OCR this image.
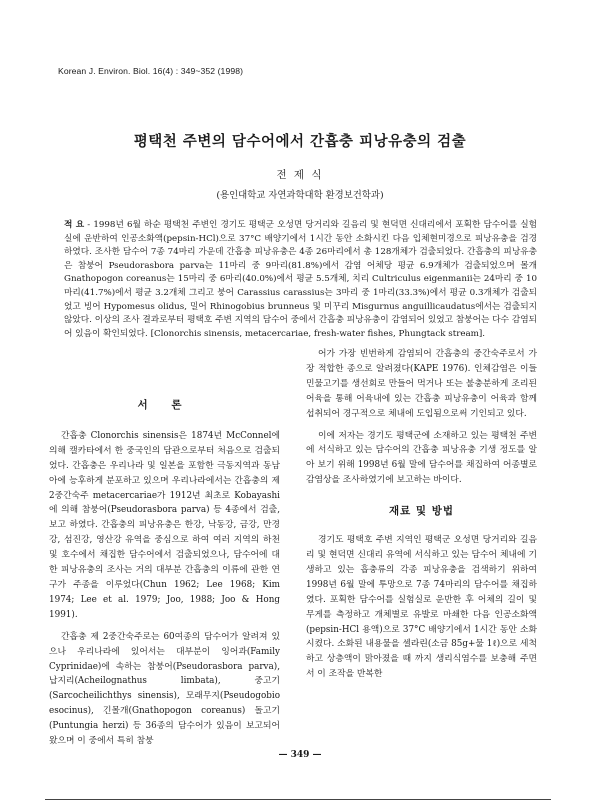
Korean J. Environ. Biol. 16(4) : 349~352 (1998)
평택천 주변의 담수어에서 간흡충 피낭유충의 검출
전 제 식
(용인대학교 자연과학대학 환경보건학과)
적 요 - 1998년 6월 하순 평택천 주변인 경기도 평택군 오성면 당거리와 길음리 및 현덕면 신대리에서 포획한 담수어를 실험실에 운반하여 인공소화액(pepsin-HCl)으로 37°C 배양기에서 1시간 동안 소화시킨 다음 입체현미경으로 피낭유충을 검경하였다. 조사한 담수어 7종 74마리 가운데 간흡충 피낭유충은 4종 26마리에서 총 128개체가 검출되었다. 간흡충의 피낭유충은 참붕어 Pseudorasbora parva는 11마리 중 9마리(81.8%)에서 감염 어체당 평균 6.9개체가 검출되었으며 몰개 Gnathopogon coreanus는 15마리 중 6마리(40.0%)에서 평균 5.5개체, 치리 Cultriculus eigenmanii는 24마리 중 10마리(41.7%)에서 평균 3.2개체 그리고 붕어 Carassius carassius는 3마리 중 1마리(33.3%)에서 평균 0.3개체가 검출되었고 빙어 Hypomesus olidus, 밀어 Rhinogobius brunneus 및 미꾸리 Misgurnus anguillicaudatus에서는 검출되지 않았다. 이상의 조사 결과로부터 평택호 주변 지역의 담수어 중에서 간흡충 피낭유충이 감염되어 있었고 참붕어는 다수 감염되어 있음이 확인되었다. [Clonorchis sinensis, metacercariae, fresh-water fishes, Phungtack stream].
서 론

간흡충 Clonorchis sinensis은 1874년 McConnel에 의해 캘카타에서 한 중국인의 담관으로부터 처음으로 검출되었다. 간흡충은 우리나라 및 일본을 포함한 극동지역과 동남아에 능후하게 분포하고 있으며 우리나라에서는 간흡충의 제2중간숙주 metacercariae가 1912년 최초로 Kobayashi에 의해 참붕어(Pseudorasbora parva) 등 4종에서 검출, 보고 하였다. 간흡충의 피낭유충은 한강, 낙동강, 금강, 만경강, 섬진강, 영산강 유역을 중심으로 하여 여러 지역의 하천 및 호수에서 채집한 담수어에서 검출되었으나, 담수어에 대한 피낭유충의 조사는 거의 대부분 간흡충의 이류에 관한 연구가 주종을 이루었다(Chun 1962; Lee 1968; Kim 1974; Lee et al. 1979; Joo, 1988; Joo & Hong 1991).

간흡충 제 2중간숙주로는 60여종의 담수어가 알려져 있으나 우리나라에 있어서는 대부분이 잉어과(Family Cyprinidae)에 속하는 참붕어(Pseudorasbora parva), 납지리(Acheilognathus limbata), 중고기(Sarcocheilichthys sinensis), 모래무지(Pseudogobio esocinus), 긴몰개(Gnathopogon coreanus) 돌고기(Puntungia herzi) 등 36종의 담수어가 있음이 보고되어 왔으며 이 중에서 특히 참붕

어가 가장 빈번하게 감염되어 간흡충의 중간숙주로서 가장 적합한 종으로 알려졌다(KAPE 1976). 인체감염은 이들 민물고기를 생선회로 만들어 먹거나 또는 불충분하게 조리된 어육을 통해 어육내에 있는 간흡충 피낭유충이 어육과 함께 섭취되어 경구적으로 체내에 도입됨으로써 기인되고 있다.

이에 저자는 경기도 평택군에 소재하고 있는 평택천 주변에 서식하고 있는 담수어의 간흡충 피낭유충 기생 정도를 알아 보기 위해 1998년 6월 말에 담수어를 채집하여 어종별로 감염상을 조사하였기에 보고하는 바이다.

재료 및 방법

경기도 평택호 주변 지역인 평택군 오성면 당거리와 길음리 및 현덕면 신대리 유역에 서식하고 있는 담수어 체내에 기생하고 있는 흡충류의 각종 피낭유충을 검색하기 위하여 1998년 6월 말에 투망으로 7종 74마리의 담수어를 채집하였다. 포획한 담수어를 실험실로 운반한 후 어체의 길이 및 무게를 측정하고 개체별로 유발로 마쇄한 다음 인공소화액(pepsin-HCl 용액)으로 37°C 배양기에서 1시간 동안 소화시켰다. 소화된 내용물을 셀라린(소금 85g+물 1ℓ)으로 세척하고 상층액이 맑아졌을 때 까지 생리식염수를 보충해 주면서 이 조작을 반복한

— 349 —
